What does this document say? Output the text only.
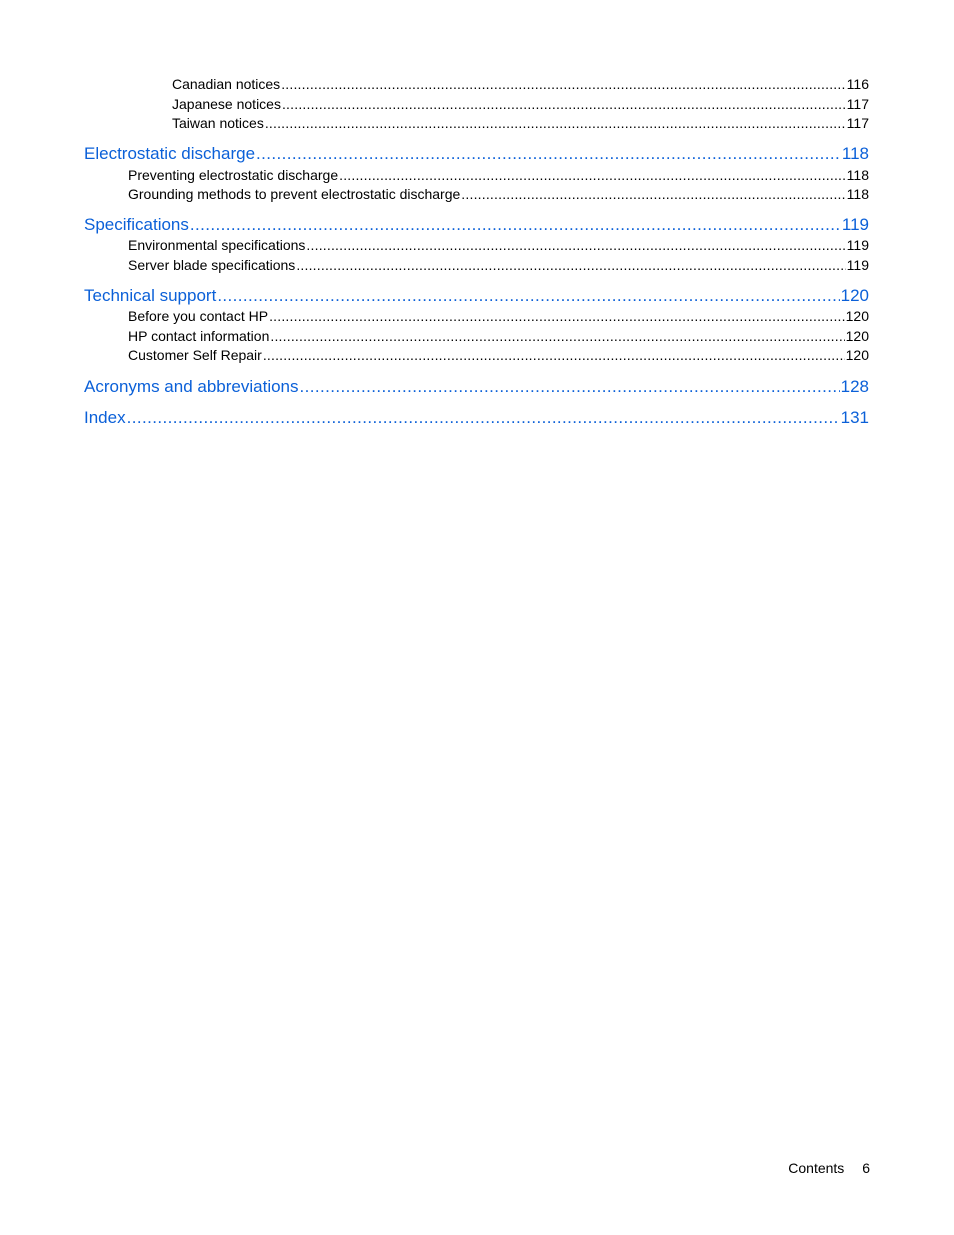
Canadian notices .....	116
Japanese notices .....	117
Taiwan notices .....	117
Electrostatic discharge .....	118
Preventing electrostatic discharge .....	118
Grounding methods to prevent electrostatic discharge .....	118
Specifications .....	119
Environmental specifications .....	119
Server blade specifications .....	119
Technical support .....	120
Before you contact HP .....	120
HP contact information .....	120
Customer Self Repair .....	120
Acronyms and abbreviations .....	128
Index .....	131
Contents 6
